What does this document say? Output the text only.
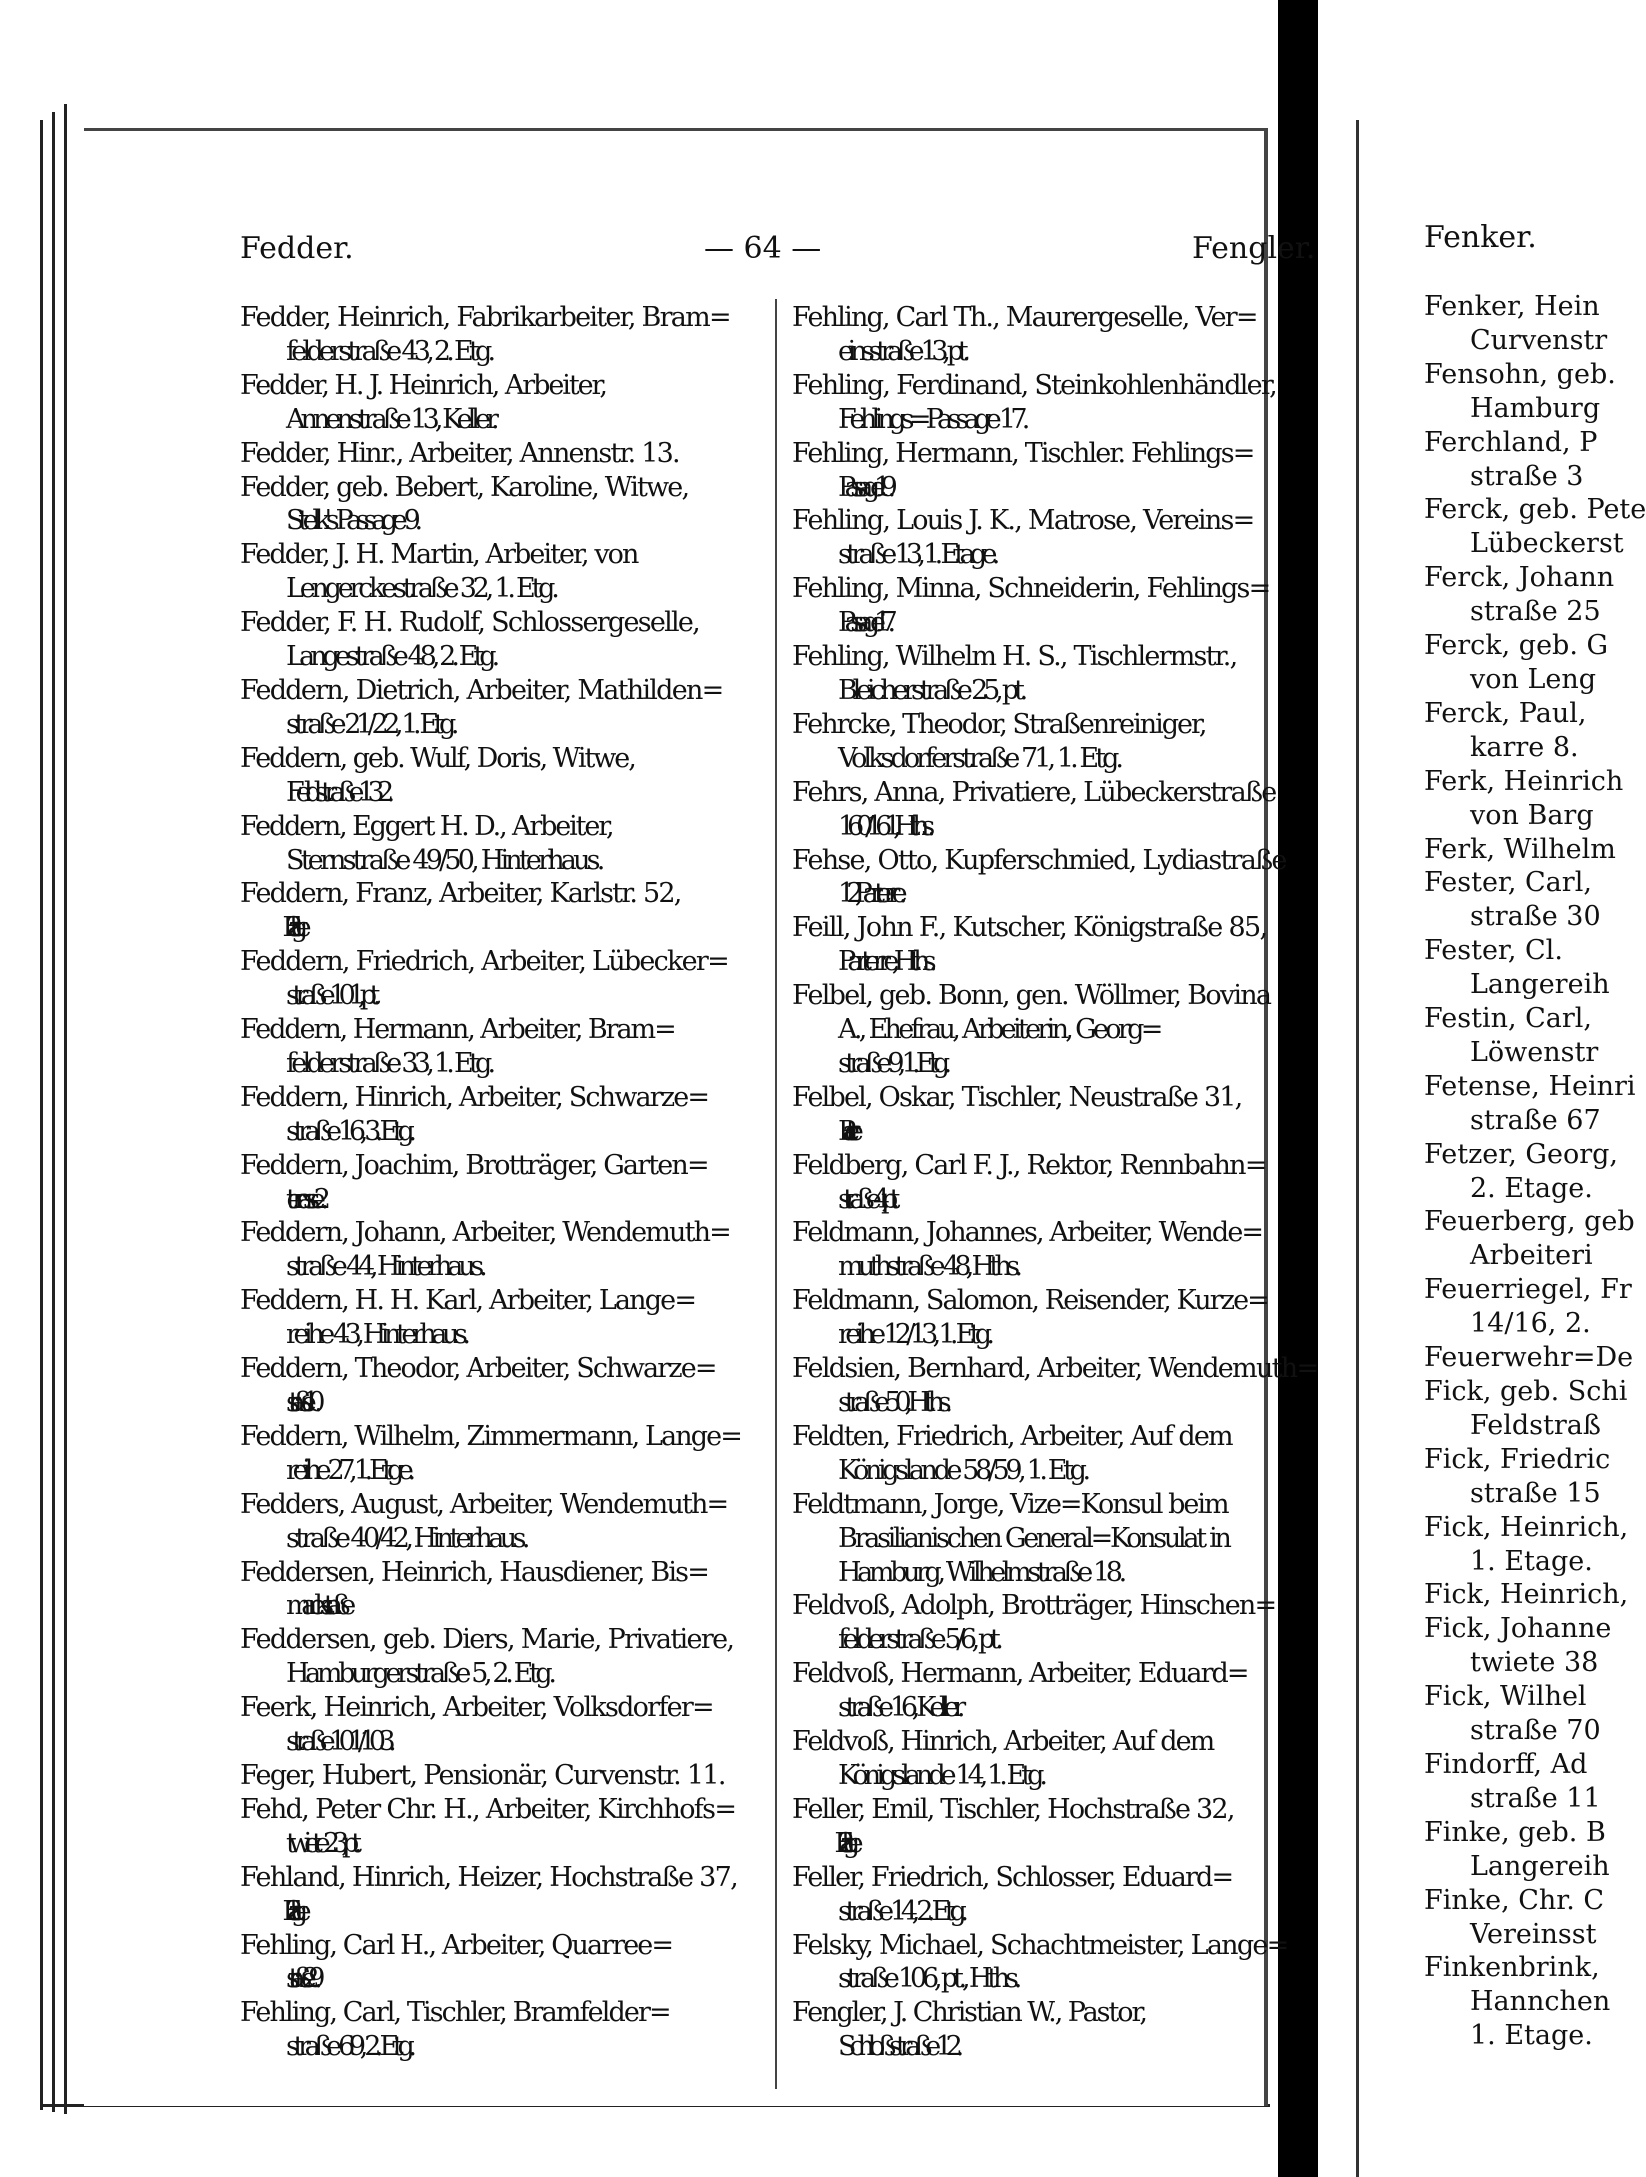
Fedder.	— 64 —	Fengler.
Fedder, Heinrich, Fabrikarbeiter, Bram=
felderstraße 43, 2. Etg.
Fedder, H. J. Heinrich, Arbeiter,
Annenstraße 13, Keller.
Fedder, Hinr., Arbeiter, Annenstr. 13.
Fedder, geb. Bebert, Karoline, Witwe,
Stelk's Passage 9.
Fedder, J. H. Martin, Arbeiter, von
Lengerckestraße 32, 1. Etg.
Fedder, F. H. Rudolf, Schlossergeselle,
Langestraße 48, 2. Etg.
Feddern, Dietrich, Arbeiter, Mathilden=
straße 21/22, 1. Etg.
Feddern, geb. Wulf, Doris, Witwe,
Feldstraße 132.
Feddern, Eggert H. D., Arbeiter,
Sternstraße 49/50, Hinterhaus.
Feddern, Franz, Arbeiter, Karlstr. 52,
2. Etage.
Feddern, Friedrich, Arbeiter, Lübecker=
straße 101, pt.
Feddern, Hermann, Arbeiter, Bram=
felderstraße 33, 1. Etg.
Feddern, Hinrich, Arbeiter, Schwarze=
straße 16, 3. Etg.
Feddern, Joachim, Brotträger, Garten=
terrasse 2.
Feddern, Johann, Arbeiter, Wendemuth=
straße 44, Hinterhaus.
Feddern, H. H. Karl, Arbeiter, Lange=
reihe 43, Hinterhaus.
Feddern, Theodor, Arbeiter, Schwarze=
straße 10.
Feddern, Wilhelm, Zimmermann, Lange=
reihe 27, 1. Etge.
Fedders, August, Arbeiter, Wendemuth=
straße 40/42, Hinterhaus.
Feddersen, Heinrich, Hausdiener, Bis=
marckstraße
Feddersen, geb. Diers, Marie, Privatiere,
Hamburgerstraße 5, 2. Etg.
Feerk, Heinrich, Arbeiter, Volksdorfer=
straße 101/103.
Feger, Hubert, Pensionär, Curvenstr. 11.
Fehd, Peter Chr. H., Arbeiter, Kirchhofs=
twiete 23, pt.
Fehland, Hinrich, Heizer, Hochstraße 37,
2. Etage.
Fehling, Carl H., Arbeiter, Quarree=
straße 29.
Fehling, Carl, Tischler, Bramfelder=
straße 69, 2. Etg.
Fehling, Carl Th., Maurergeselle, Ver=
einsstraße 13, pt.
Fehling, Ferdinand, Steinkohlenhändler,
Fehlings=Passage 17.
Fehling, Hermann, Tischler. Fehlings=
Passage 19.
Fehling, Louis J. K., Matrose, Vereins=
straße 13, 1. Etage.
Fehling, Minna, Schneiderin, Fehlings=
Passage 17.
Fehling, Wilhelm H. S., Tischlermstr.,
Bleicherstraße 25, pt.
Fehrcke, Theodor, Straßenreiniger,
Volksdorferstraße 71, 1. Etg.
Fehrs, Anna, Privatiere, Lübeckerstraße
160/161, Hths.
Fehse, Otto, Kupferschmied, Lydiastraße
12, Parterre.
Feill, John F., Kutscher, Königstraße 85,
Parterre, Hths.
Felbel, geb. Bonn, gen. Wöllmer, Bovina
A., Ehefrau, Arbeiterin, Georg=
straße 9, 1. Etg.
Felbel, Oskar, Tischler, Neustraße 31,
Parterre.
Feldberg, Carl F. J., Rektor, Rennbahn=
straße 4, pt.
Feldmann, Johannes, Arbeiter, Wende=
muthstraße 48, Hths.
Feldmann, Salomon, Reisender, Kurze=
reihe 12/13, 1. Etg.
Feldsien, Bernhard, Arbeiter, Wendemuth=
straße 50, Hths.
Feldten, Friedrich, Arbeiter, Auf dem
Königslande 58/59, 1. Etg.
Feldtmann, Jorge, Vize=Konsul beim
Brasilianischen General=Konsulat in
Hamburg, Wilhelmstraße 18.
Feldvoß, Adolph, Brotträger, Hinschen=
felderstraße 5/6, pt.
Feldvoß, Hermann, Arbeiter, Eduard=
straße 16, Keller.
Feldvoß, Hinrich, Arbeiter, Auf dem
Königslande 14, 1. Etg.
Feller, Emil, Tischler, Hochstraße 32,
2. Etage.
Feller, Friedrich, Schlosser, Eduard=
straße 14, 2. Etg.
Felsky, Michael, Schachtmeister, Lange=
straße 106, pt., Hths.
Fengler, J. Christian W., Pastor,
Schloßstraße 12.
Fenker.
Fenker, Hein
Curvenstr
Fensohn, geb.
Hamburg
Ferchland, P
straße 3
Ferck, geb. Pete
Lübeckerst
Ferck, Johann
straße 25
Ferck, geb. G
von Leng
Ferck, Paul,
karre 8.
Ferk, Heinrich
von Barg
Ferk, Wilhelm
Fester, Carl,
straße 30
Fester, Cl.
Langereih
Festin, Carl,
Löwenstr
Fetense, Heinri
straße 67
Fetzer, Georg,
2. Etage.
Feuerberg, geb
Arbeiteri
Feuerriegel, Fr
14/16, 2.
Feuerwehr=De
Fick, geb. Schi
Feldstraß
Fick, Friedric
straße 15
Fick, Heinrich,
1. Etage.
Fick, Heinrich,
Fick, Johanne
twiete 38
Fick, Wilhel
straße 70
Findorff, Ad
straße 11
Finke, geb. B
Langereih
Finke, Chr. C
Vereinsst
Finkenbrink,
Hannchen
1. Etage.
